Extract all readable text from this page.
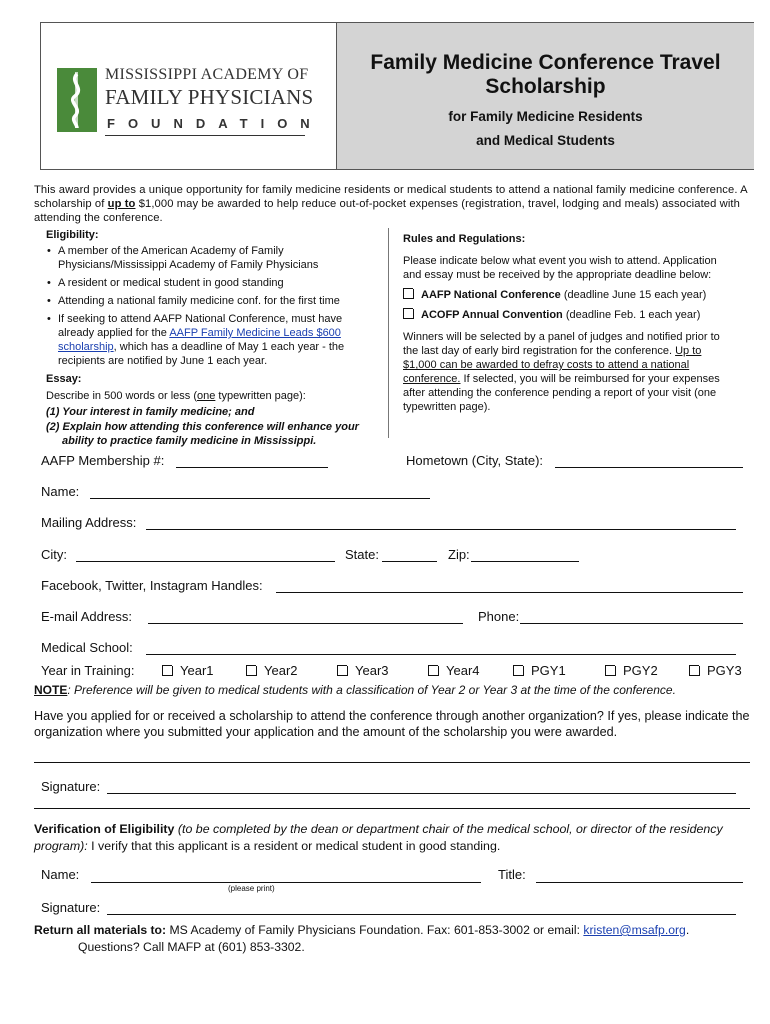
MISSISSIPPI ACADEMY OF
FAMILY PHYSICIANS
FOUNDATION
Family Medicine Conference Travel
Scholarship
for Family Medicine Residents
and Medical Students
This award provides a unique opportunity for family medicine residents or medical students to attend a national family medicine conference. A scholarship of up to $1,000 may be awarded to help reduce out-of-pocket expenses (registration, travel, lodging and meals) associated with attending the conference.
Eligibility:
• A member of the American Academy of Family Physicians/Mississippi Academy of Family Physicians
• A resident or medical student in good standing
• Attending a national family medicine conf. for the first time
• If seeking to attend AAFP National Conference, must have already applied for the AAFP Family Medicine Leads $600 scholarship, which has a deadline of May 1 each year - the recipients are notified by June 1 each year.
Essay:
Describe in 500 words or less (one typewritten page):
(1) Your interest in family medicine; and
(2) Explain how attending this conference will enhance your ability to practice family medicine in Mississippi.
Rules and Regulations:
Please indicate below what event you wish to attend. Application and essay must be received by the appropriate deadline below:
AAFP National Conference (deadline June 15 each year)
ACOFP Annual Convention (deadline Feb. 1 each year)
Winners will be selected by a panel of judges and notified prior to the last day of early bird registration for the conference. Up to $1,000 can be awarded to defray costs to attend a national conference. If selected, you will be reimbursed for your expenses after attending the conference pending a report of your visit (one typewritten page).
AAFP Membership #:	Hometown (City, State):
Name:
Mailing Address:
City:	State:	Zip:
Facebook, Twitter, Instagram Handles:
E-mail Address:	Phone:
Medical School:
Year in Training:	Year1	Year2	Year3	Year4	PGY1	PGY2	PGY3
NOTE: Preference will be given to medical students with a classification of Year 2 or Year 3 at the time of the conference.
Have you applied for or received a scholarship to attend the conference through another organization? If yes, please indicate the organization where you submitted your application and the amount of the scholarship you were awarded.
Signature:
Verification of Eligibility (to be completed by the dean or department chair of the medical school, or director of the residency program): I verify that this applicant is a resident or medical student in good standing.
Name:
(please print)
Title:
Signature:
Return all materials to: MS Academy of Family Physicians Foundation. Fax: 601-853-3002 or email: kristen@msafp.org.
Questions? Call MAFP at (601) 853-3302.
